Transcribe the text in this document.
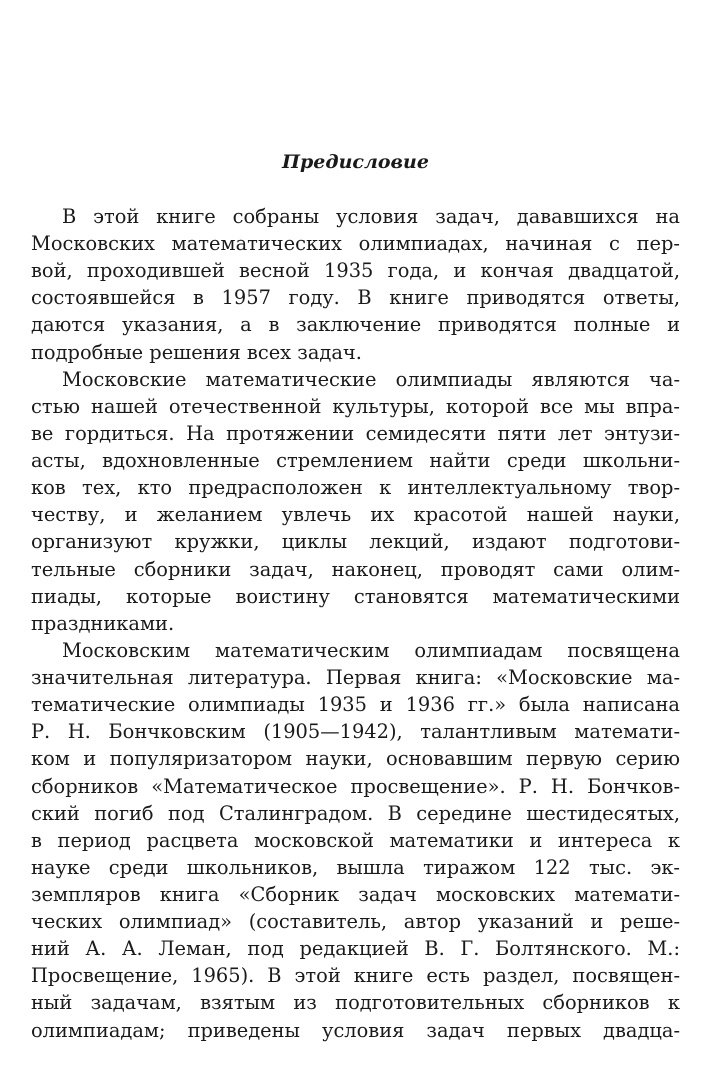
Предисловие
В этой книге собраны условия задач, дававшихся на
Московских математических олимпиадах, начиная с пер-
вой, проходившей весной 1935 года, и кончая двадцатой,
состоявшейся в 1957 году. В книге приводятся ответы,
даются указания, а в заключение приводятся полные и
подробные решения всех задач.
Московские математические олимпиады являются ча-
стью нашей отечественной культуры, которой все мы впра-
ве гордиться. На протяжении семидесяти пяти лет энтузи-
асты, вдохновленные стремлением найти среди школьни-
ков тех, кто предрасположен к интеллектуальному твор-
честву, и желанием увлечь их красотой нашей науки,
организуют кружки, циклы лекций, издают подготови-
тельные сборники задач, наконец, проводят сами олим-
пиады, которые воистину становятся математическими
праздниками.
Московским математическим олимпиадам посвящена
значительная литература. Первая книга: «Московские ма-
тематические олимпиады 1935 и 1936 гг.» была написана
Р. Н. Бончковским (1905—1942), талантливым математи-
ком и популяризатором науки, основавшим первую серию
сборников «Математическое просвещение». Р. Н. Бончков-
ский погиб под Сталинградом. В середине шестидесятых,
в период расцвета московской математики и интереса к
науке среди школьников, вышла тиражом 122 тыс. эк-
земпляров книга «Сборник задач московских математи-
ческих олимпиад» (составитель, автор указаний и реше-
ний А. А. Леман, под редакцией В. Г. Болтянского. М.:
Просвещение, 1965). В этой книге есть раздел, посвящен-
ный задачам, взятым из подготовительных сборников к
олимпиадам; приведены условия задач первых двадца-
